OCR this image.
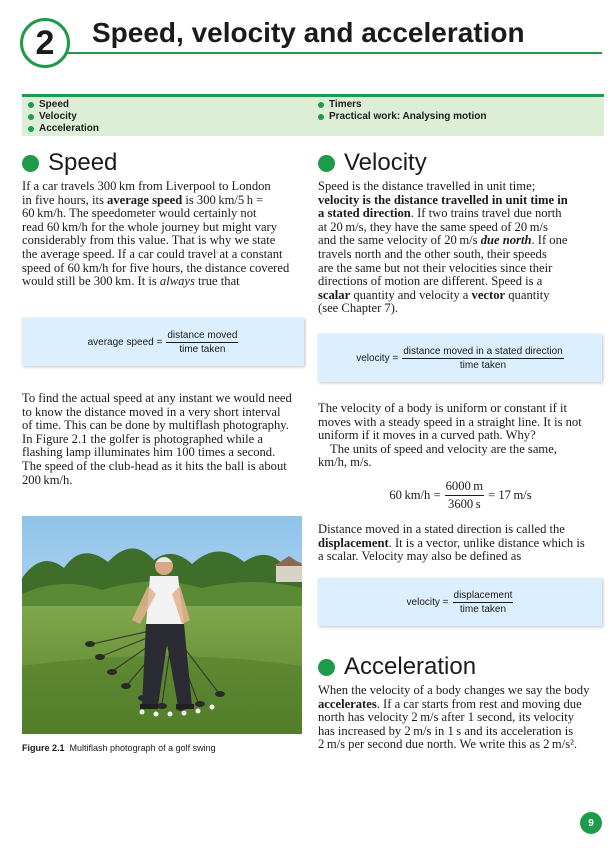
2 Speed, velocity and acceleration
Speed
Velocity
Acceleration
Timers
Practical work: Analysing motion
Speed
If a car travels 300 km from Liverpool to London
in five hours, its average speed is 300 km/5 h =
60 km/h. The speedometer would certainly not
read 60 km/h for the whole journey but might vary
considerably from this value. That is why we state
the average speed. If a car could travel at a constant
speed of 60 km/h for five hours, the distance covered
would still be 300 km. It is always true that
average speed = $\frac{\text{distance moved}}{\text{time taken}}$
To find the actual speed at any instant we would need
to know the distance moved in a very short interval
of time. This can be done by multiflash photography.
In Figure 2.1 the golfer is photographed while a
flashing lamp illuminates him 100 times a second.
The speed of the club-head as it hits the ball is about
200 km/h.
Figure 2.1 Multiflash photograph of a golf swing
Velocity
Speed is the distance travelled in unit time;
velocity is the distance travelled in unit time in
a stated direction. If two trains travel due north
at 20 m/s, they have the same speed of 20 m/s
and the same velocity of 20 m/s due north. If one
travels north and the other south, their speeds
are the same but not their velocities since their
directions of motion are different. Speed is a
scalar quantity and velocity a vector quantity
(see Chapter 7).
velocity = $\frac{\text{distance moved in a stated direction}}{\text{time taken}}$
The velocity of a body is uniform or constant if it
moves with a steady speed in a straight line. It is not
uniform if it moves in a curved path. Why?
The units of speed and velocity are the same,
km/h, m/s.
60 $km/h = \frac{6000 m}{3600 s} = 17$ m/s
Distance moved in a stated direction is called the
displacement. It is a vector, unlike distance which is
a scalar. Velocity may also be defined as
velocity = $\frac{\text{displacement}}{\text{time taken}}$
Acceleration
When the velocity of a body changes we say the body
accelerates. If a car starts from rest and moving due
north has velocity 2 m/s after 1 second, its velocity
has increased by 2 m/s in 1 s and its acceleration is
2 m/s per second due north. We write this as 2 m/s².
9
